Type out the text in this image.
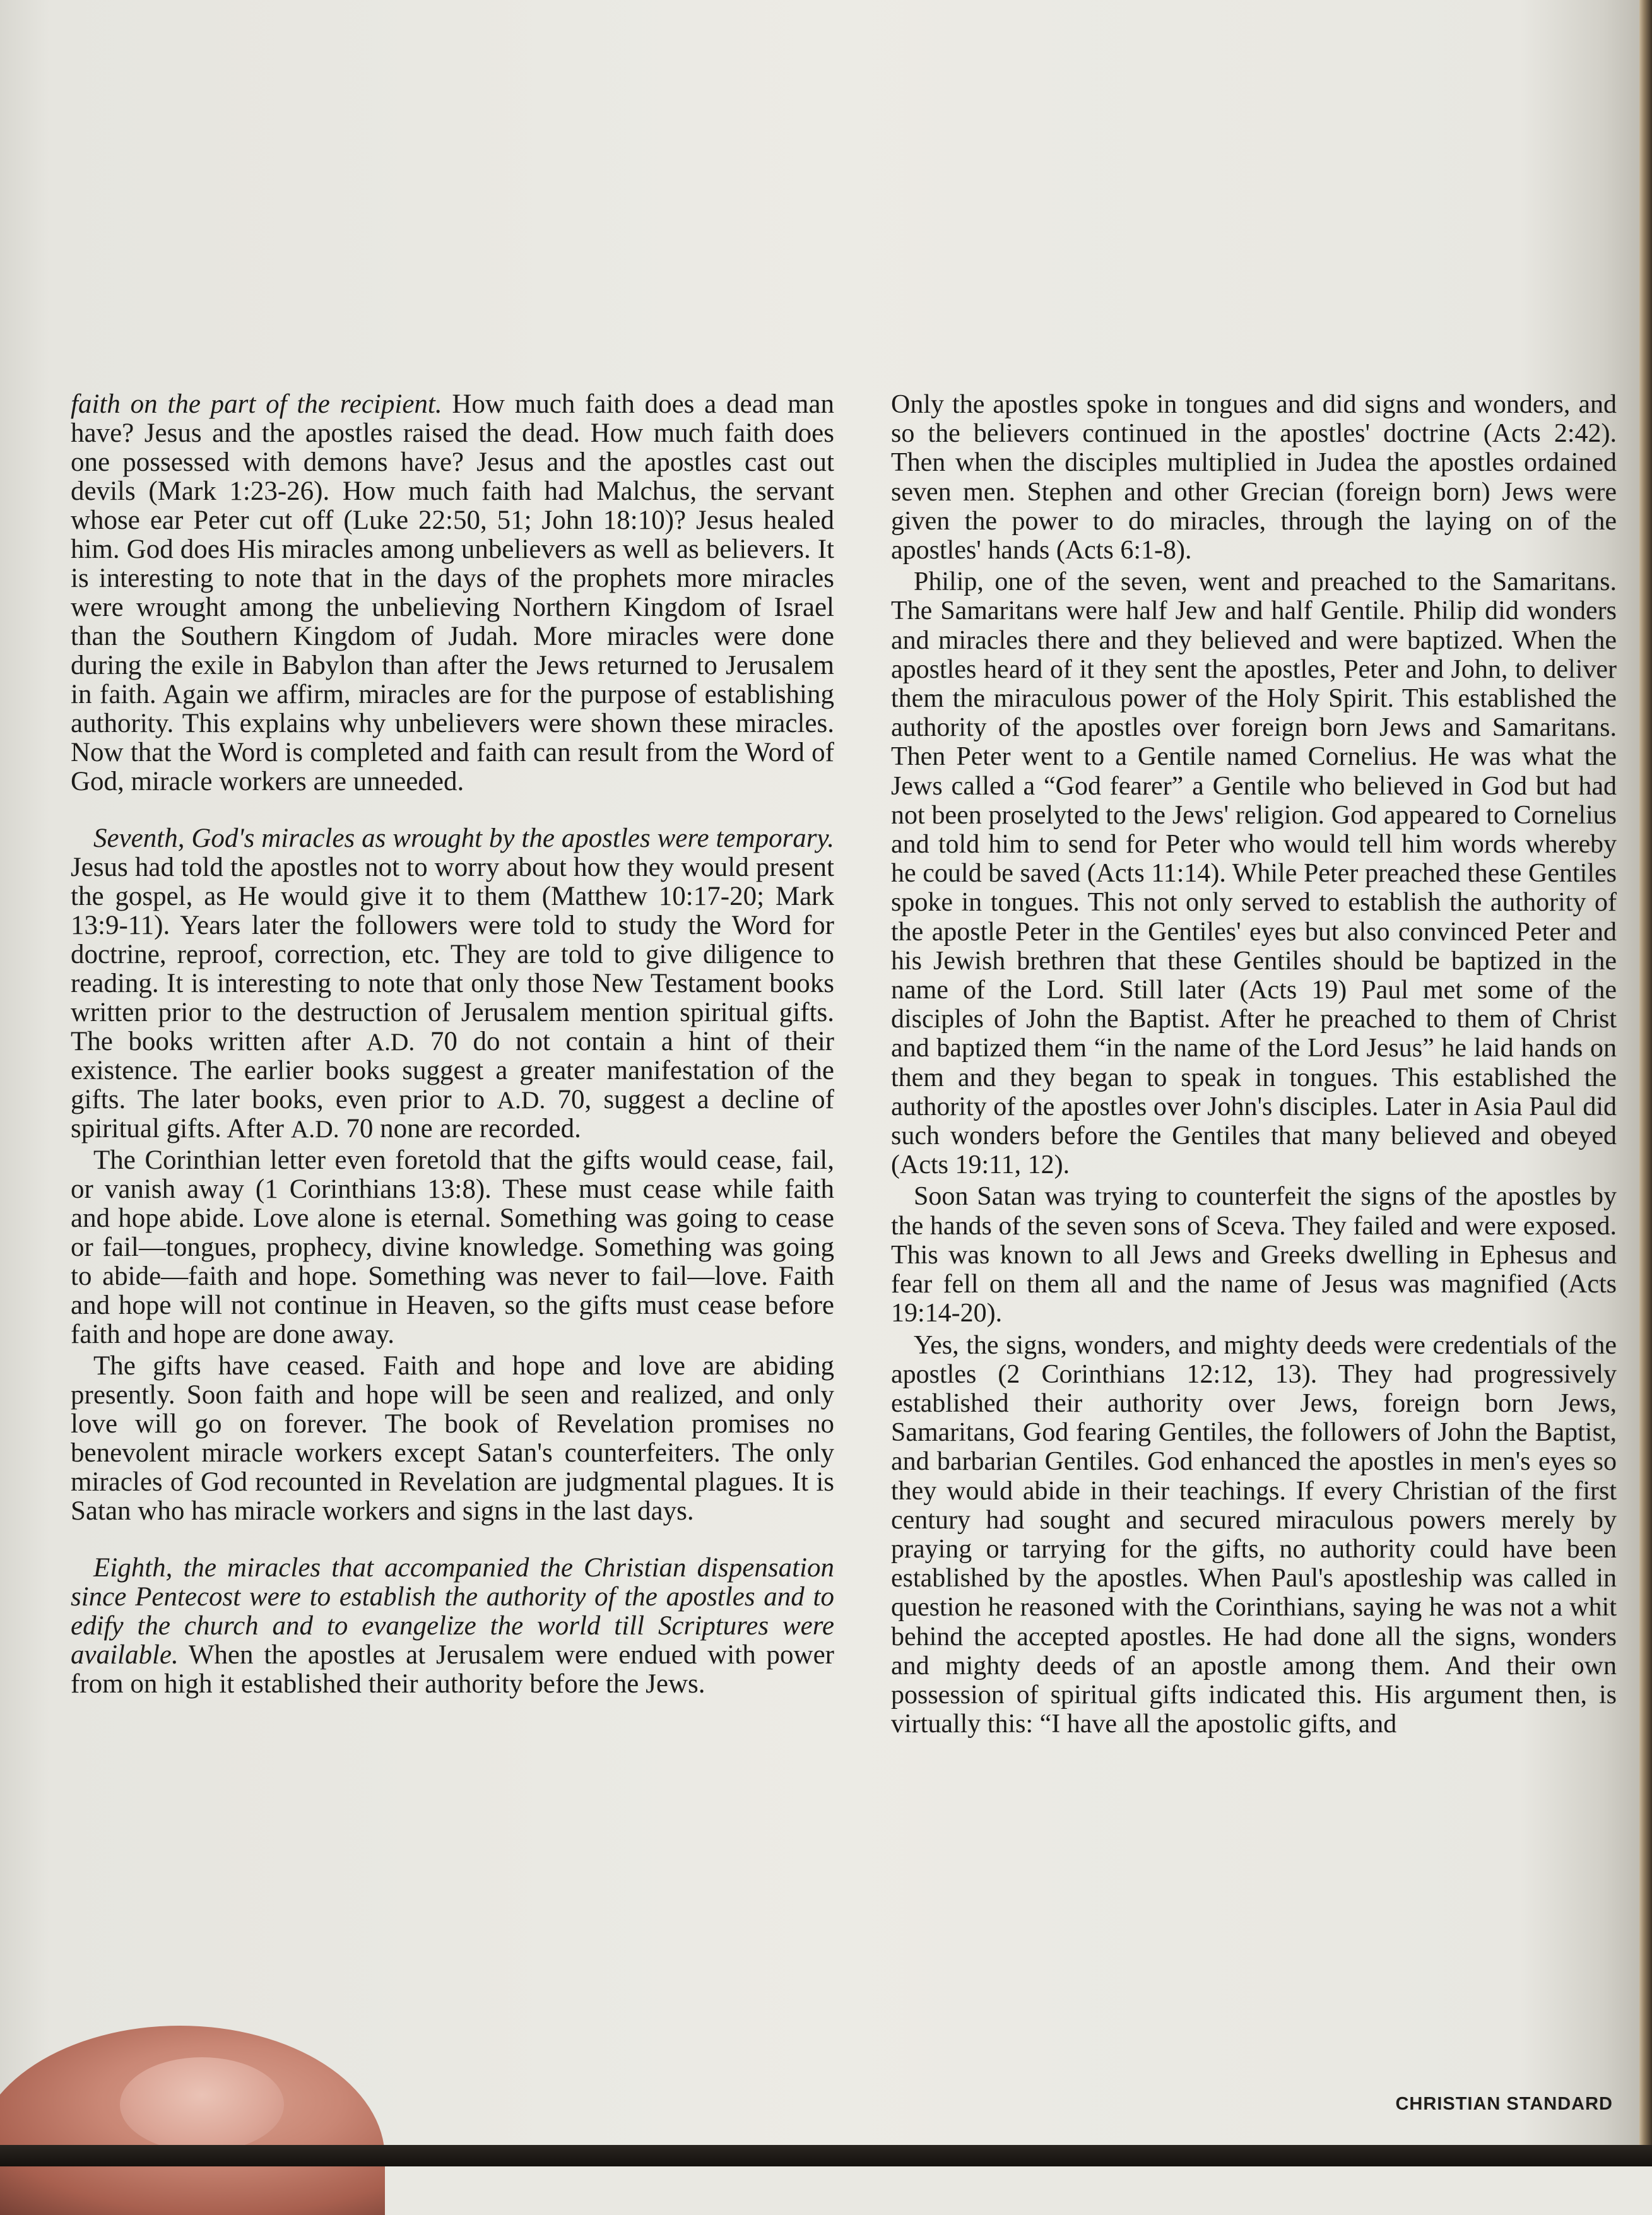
faith on the part of the recipient. How much faith does a dead man have? Jesus and the apostles raised the dead. How much faith does one possessed with demons have? Jesus and the apostles cast out devils (Mark 1:23-26). How much faith had Malchus, the servant whose ear Peter cut off (Luke 22:50, 51; John 18:10)? Jesus healed him. God does His miracles among unbelievers as well as believers. It is interesting to note that in the days of the prophets more miracles were wrought among the unbelieving Northern Kingdom of Israel than the Southern Kingdom of Judah. More miracles were done during the exile in Babylon than after the Jews returned to Jerusalem in faith. Again we affirm, miracles are for the purpose of establishing authority. This explains why unbelievers were shown these miracles. Now that the Word is completed and faith can result from the Word of God, miracle workers are unneeded.

Seventh, God's miracles as wrought by the apostles were temporary. Jesus had told the apostles not to worry about how they would present the gospel, as He would give it to them (Matthew 10:17-20; Mark 13:9-11). Years later the followers were told to study the Word for doctrine, reproof, correction, etc. They are told to give diligence to reading. It is interesting to note that only those New Testament books written prior to the destruction of Jerusalem mention spiritual gifts. The books written after A.D. 70 do not contain a hint of their existence. The earlier books suggest a greater manifestation of the gifts. The later books, even prior to A.D. 70, suggest a decline of spiritual gifts. After A.D. 70 none are recorded.

The Corinthian letter even foretold that the gifts would cease, fail, or vanish away (1 Corinthians 13:8). These must cease while faith and hope abide. Love alone is eternal. Something was going to cease or fail—tongues, prophecy, divine knowledge. Something was going to abide—faith and hope. Something was never to fail—love. Faith and hope will not continue in Heaven, so the gifts must cease before faith and hope are done away.

The gifts have ceased. Faith and hope and love are abiding presently. Soon faith and hope will be seen and realized, and only love will go on forever. The book of Revelation promises no benevolent miracle workers except Satan's counterfeiters. The only miracles of God recounted in Revelation are judgmental plagues. It is Satan who has miracle workers and signs in the last days.

Eighth, the miracles that accompanied the Christian dispensation since Pentecost were to establish the authority of the apostles and to edify the church and to evangelize the world till Scriptures were available. When the apostles at Jerusalem were endued with power from on high it established their authority before the Jews.

Only the apostles spoke in tongues and did signs and wonders, and so the believers continued in the apostles' doctrine (Acts 2:42). Then when the disciples multiplied in Judea the apostles ordained seven men. Stephen and other Grecian (foreign born) Jews were given the power to do miracles, through the laying on of the apostles' hands (Acts 6:1-8).

Philip, one of the seven, went and preached to the Samaritans. The Samaritans were half Jew and half Gentile. Philip did wonders and miracles there and they believed and were baptized. When the apostles heard of it they sent the apostles, Peter and John, to deliver them the miraculous power of the Holy Spirit. This established the authority of the apostles over foreign born Jews and Samaritans. Then Peter went to a Gentile named Cornelius. He was what the Jews called a “God fearer” a Gentile who believed in God but had not been proselyted to the Jews' religion. God appeared to Cornelius and told him to send for Peter who would tell him words whereby he could be saved (Acts 11:14). While Peter preached these Gentiles spoke in tongues. This not only served to establish the authority of the apostle Peter in the Gentiles' eyes but also convinced Peter and his Jewish brethren that these Gentiles should be baptized in the name of the Lord. Still later (Acts 19) Paul met some of the disciples of John the Baptist. After he preached to them of Christ and baptized them “in the name of the Lord Jesus” he laid hands on them and they began to speak in tongues. This established the authority of the apostles over John's disciples. Later in Asia Paul did such wonders before the Gentiles that many believed and obeyed (Acts 19:11, 12).

Soon Satan was trying to counterfeit the signs of the apostles by the hands of the seven sons of Sceva. They failed and were exposed. This was known to all Jews and Greeks dwelling in Ephesus and fear fell on them all and the name of Jesus was magnified (Acts 19:14-20).

Yes, the signs, wonders, and mighty deeds were credentials of the apostles (2 Corinthians 12:12, 13). They had progressively established their authority over Jews, foreign born Jews, Samaritans, God fearing Gentiles, the followers of John the Baptist, and barbarian Gentiles. God enhanced the apostles in men's eyes so they would abide in their teachings. If every Christian of the first century had sought and secured miraculous powers merely by praying or tarrying for the gifts, no authority could have been established by the apostles. When Paul's apostleship was called in question he reasoned with the Corinthians, saying he was not a whit behind the accepted apostles. He had done all the signs, wonders and mighty deeds of an apostle among them. And their own possession of spiritual gifts indicated this. His argument then, is virtually this: “I have all the apostolic gifts, and

CHRISTIAN STANDARD
